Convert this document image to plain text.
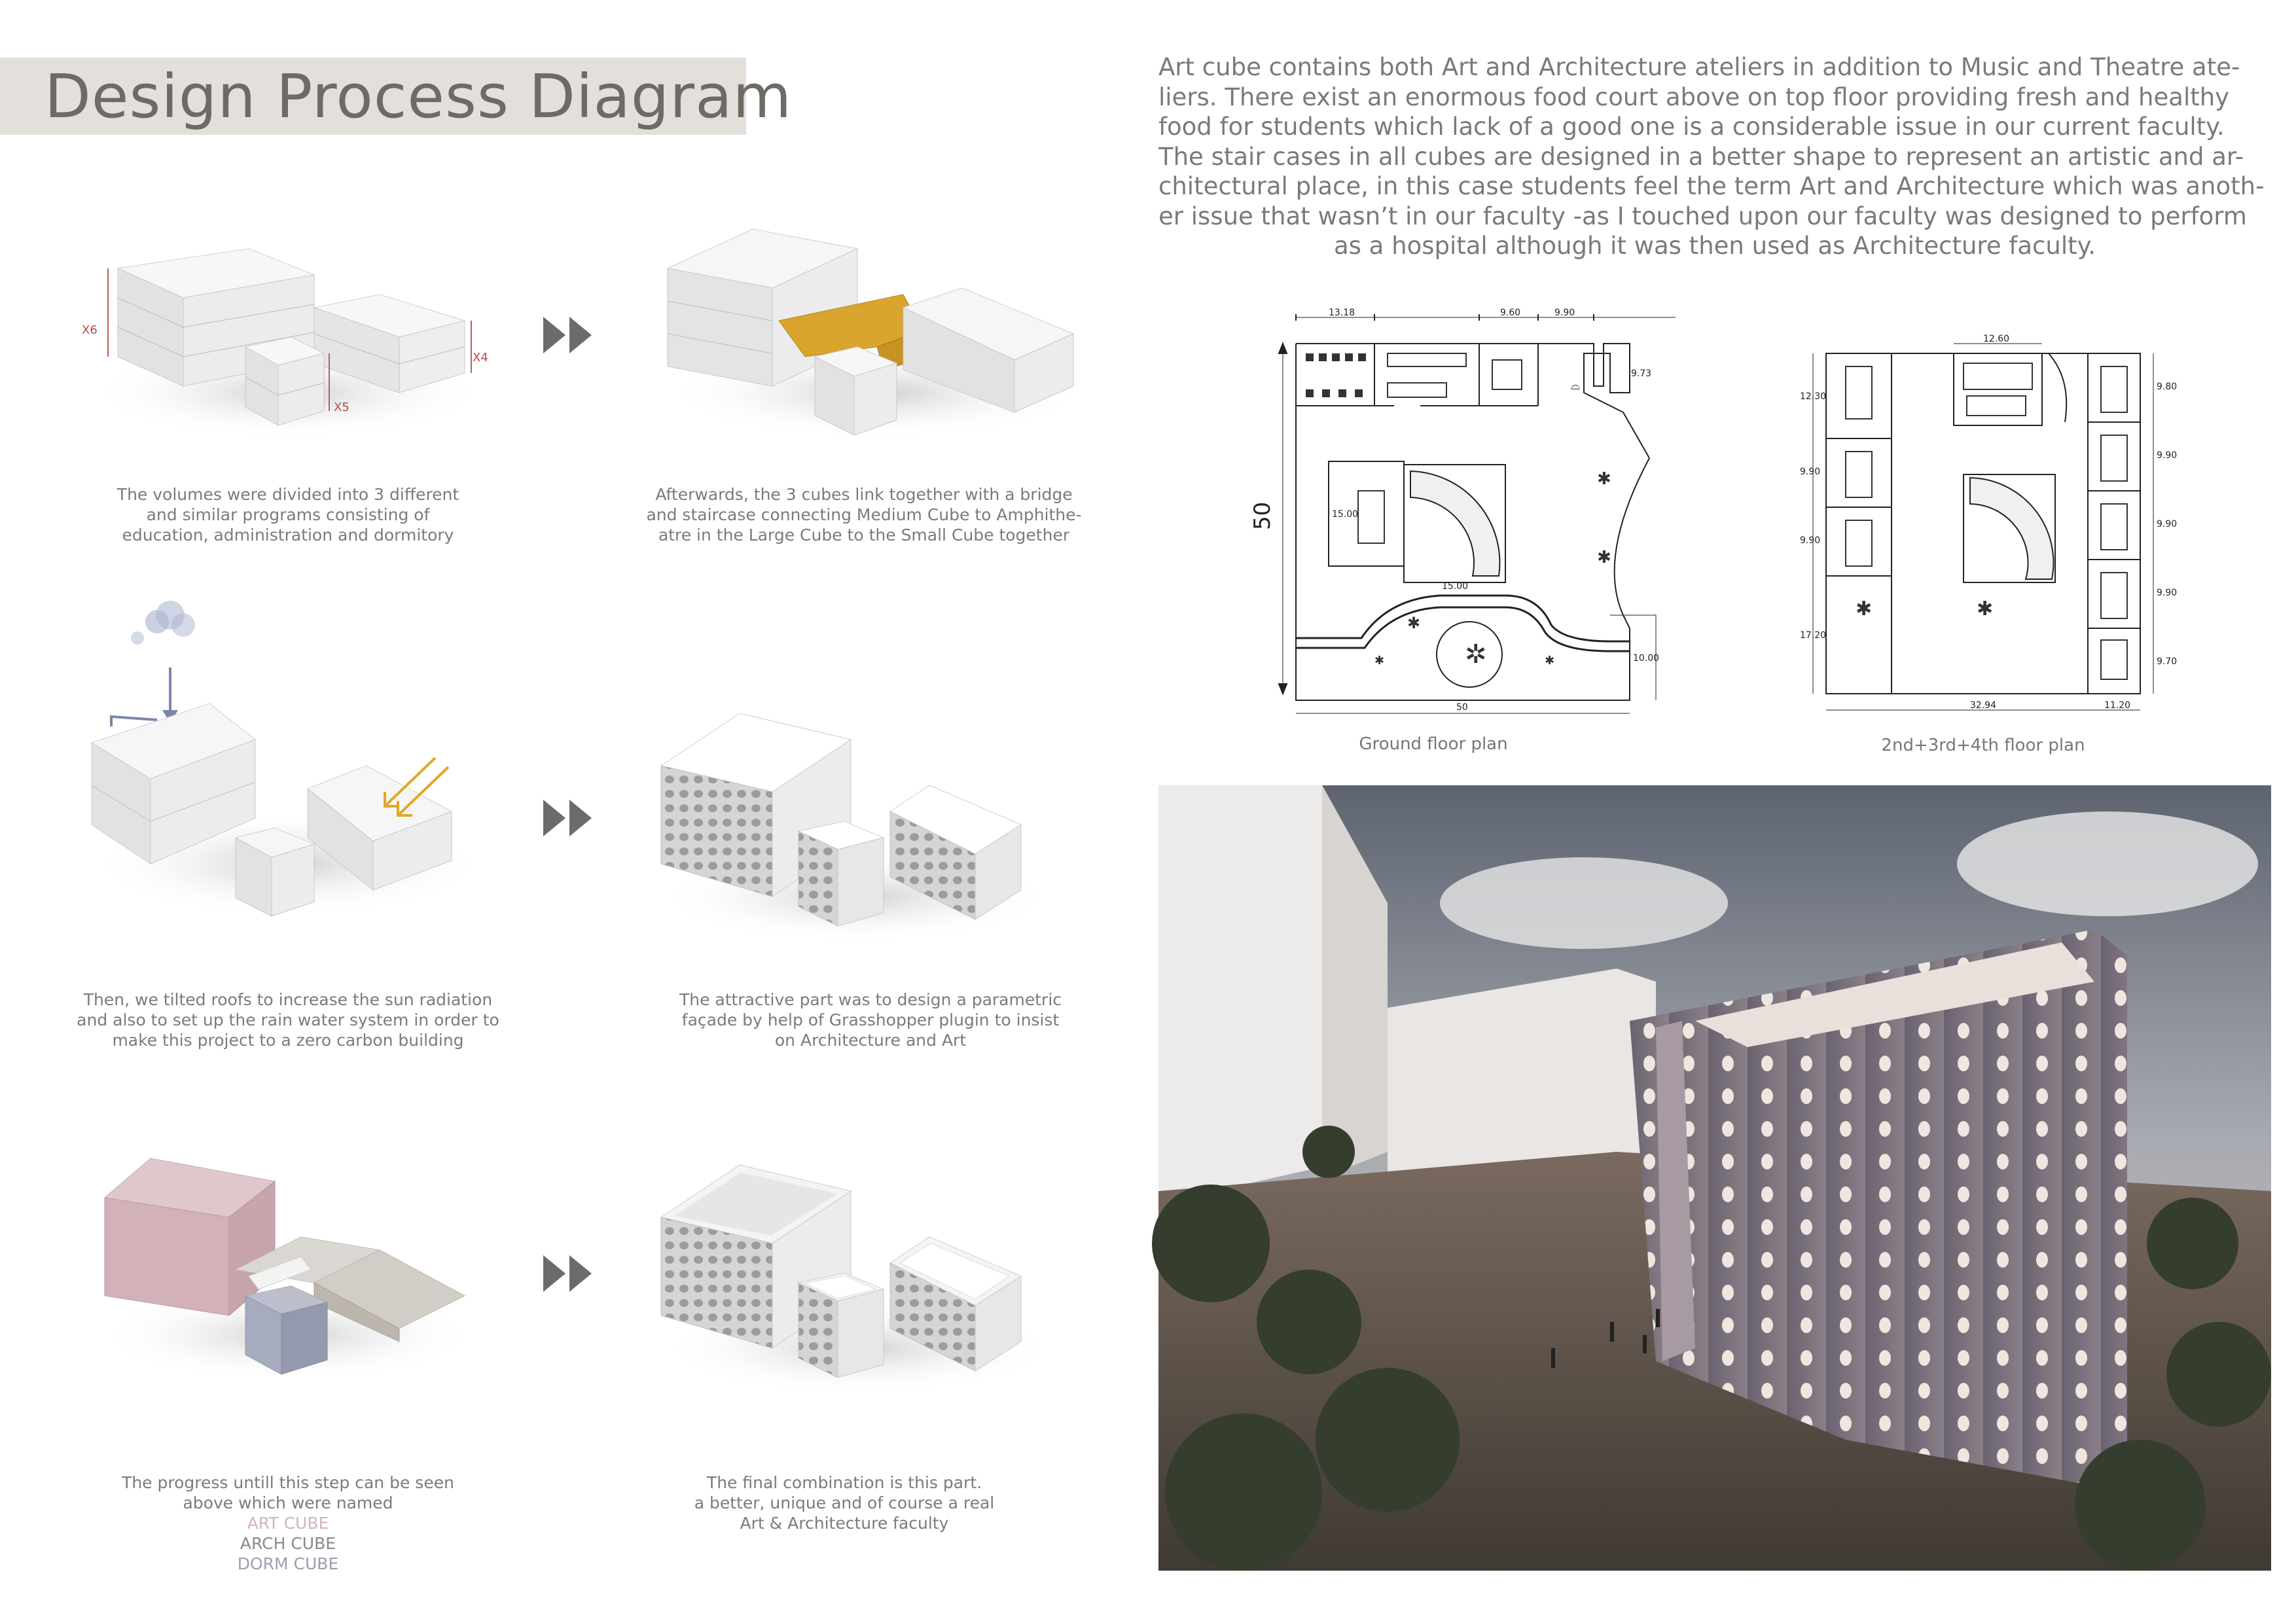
Design Process Diagram	Art cube contains both Art and Architecture ateliers in addition to Music and Theatre ate-
liers. There exist an enormous food court above on top floor providing fresh and healthy
food for students which lack of a good one is a considerable issue in our current faculty.
The stair cases in all cubes are designed in a better shape to represent an artistic and ar-
chitectural place, in this case students feel the term Art and Architecture which was anoth-
er issue that wasn’t in our faculty -as I touched upon our faculty was designed to perform
as a hospital although it was then used as Architecture faculty.
X6
X4
X5
The volumes were divided into 3 different
and similar programs consisting of
education, administration and dormitory
Afterwards, the 3 cubes link together with a bridge
and staircase connecting Medium Cube to Amphithe-
atre in the Large Cube to the Small Cube together
Then, we tilted roofs to increase the sun radiation
and also to set up the rain water system in order to
make this project to a zero carbon building
The attractive part was to design a parametric
façade by help of Grasshopper plugin to insist
on Architecture and Art
The progress untill this step can be seen
above which were named
ART CUBE
ARCH CUBE
DORM CUBE
The final combination is this part.
a better, unique and of course a real
Art & Architecture faculty
⌓
✲
✱
✱
✱
✱	✱
13.18	9.60	9.90
9.73
50	15.00
15.00
10.00
50
Ground floor plan
✱	✱
12.60
12.30
9.90
9.90
17.20
9.80
9.90
9.90
9.90
9.70
32.94	11.20
2nd+3rd+4th floor plan
